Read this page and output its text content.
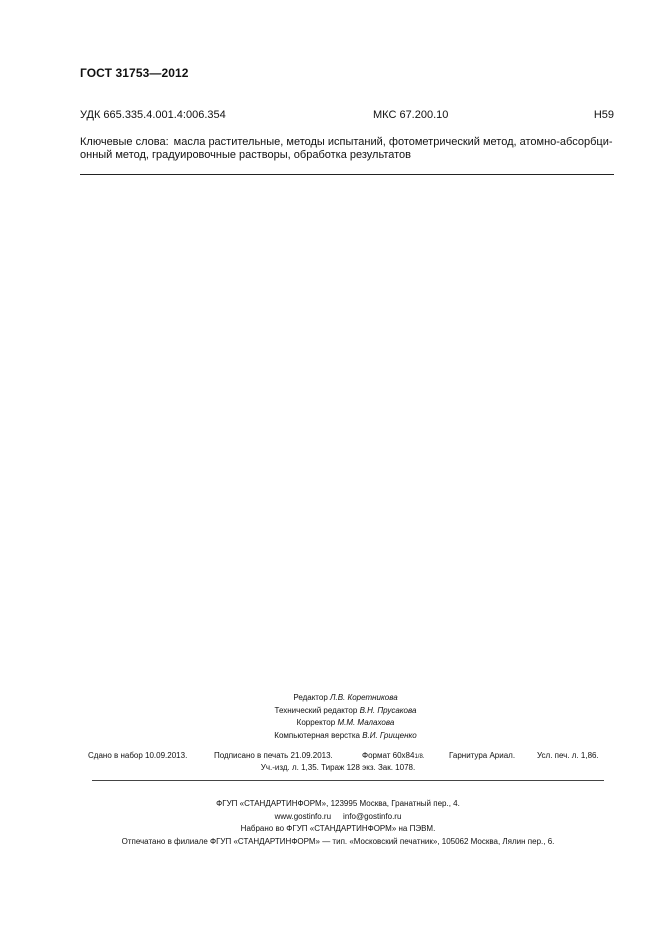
ГОСТ 31753—2012
УДК 665.335.4.001.4:006.354	МКС 67.200.10	Н59
Ключевые слова: масла растительные, методы испытаний, фотометрический метод, атомно-абсорбци-
онный метод, градуировочные растворы, обработка результатов
Редактор Л.В. Коретникова
Технический редактор В.Н. Прусакова
Корректор М.М. Малахова
Компьютерная верстка В.И. Грищенко
Сдано в набор 10.09.2013.	Подписано в печать 21.09.2013.	Формат 60x841/8.	Гарнитура Ариал.	Усл. печ. л. 1,86.
Уч.-изд. л. 1,35. Тираж 128 экз. Зак. 1078.
ФГУП «СТАНДАРТИНФОРМ», 123995 Москва, Гранатный пер., 4.
www.gostinfo.ru info@gostinfo.ru
Набрано во ФГУП «СТАНДАРТИНФОРМ» на ПЭВМ.
Отпечатано в филиале ФГУП «СТАНДАРТИНФОРМ» — тип. «Московский печатник», 105062 Москва, Лялин пер., 6.
